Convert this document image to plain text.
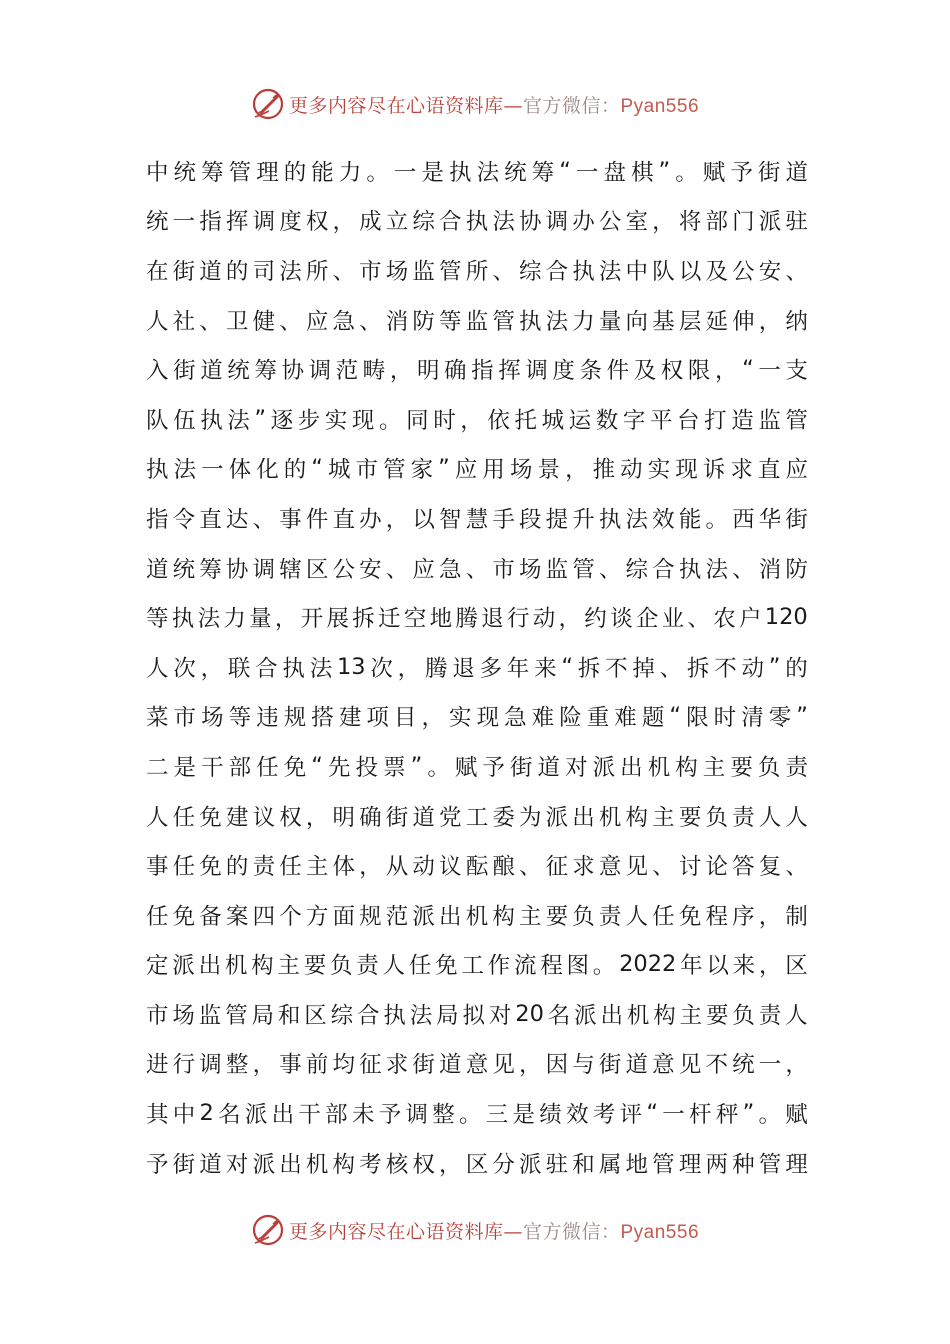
更多内容尽在心语资料库—官方微信：Pyan556
中 统 筹 管 理 的 能 力 。 一 是 执 法 统 筹 “ 一 盘 棋 ” 。 赋 予 街 道
统 一 指 挥 调 度 权 ， 成 立 综 合 执 法 协 调 办 公 室 ， 将 部 门 派 驻
在 街 道 的 司 法 所 、 市 场 监 管 所 、 综 合 执 法 中 队 以 及 公 安 、
人 社 、 卫 健 、 应 急 、 消 防 等 监 管 执 法 力 量 向 基 层 延 伸 ， 纳
入 街 道 统 筹 协 调 范 畴 ， 明 确 指 挥 调 度 条 件 及 权 限 ， “ 一 支
队 伍 执 法 ” 逐 步 实 现 。 同 时 ， 依 托 城 运 数 字 平 台 打 造 监 管
执 法 一 体 化 的 “ 城 市 管 家 ” 应 用 场 景 ， 推 动 实 现 诉 求 直 应
指 令 直 达 、 事 件 直 办 ， 以 智 慧 手 段 提 升 执 法 效 能 。 西 华 街
道 统 筹 协 调 辖 区 公 安 、 应 急 、 市 场 监 管 、 综 合 执 法 、 消 防
等 执 法 力 量 ， 开 展 拆 迁 空 地 腾 退 行 动 ， 约 谈 企 业 、 农 户 120
人 次 ， 联 合 执 法 13 次 ， 腾 退 多 年 来 “ 拆 不 掉 、 拆 不 动 ” 的
菜 市 场 等 违 规 搭 建 项 目 ， 实 现 急 难 险 重 难 题 “ 限 时 清 零 ”
二 是 干 部 任 免 “ 先 投 票 ” 。 赋 予 街 道 对 派 出 机 构 主 要 负 责
人 任 免 建 议 权 ， 明 确 街 道 党 工 委 为 派 出 机 构 主 要 负 责 人 人
事 任 免 的 责 任 主 体 ， 从 动 议 酝 酿 、 征 求 意 见 、 讨 论 答 复 、
任 免 备 案 四 个 方 面 规 范 派 出 机 构 主 要 负 责 人 任 免 程 序 ， 制
定 派 出 机 构 主 要 负 责 人 任 免 工 作 流 程 图 。 2022 年 以 来 ， 区
市 场 监 管 局 和 区 综 合 执 法 局 拟 对 20 名 派 出 机 构 主 要 负 责 人
进 行 调 整 ， 事 前 均 征 求 街 道 意 见 ， 因 与 街 道 意 见 不 统 一 ，
其 中 2 名 派 出 干 部 未 予 调 整 。 三 是 绩 效 考 评 “ 一 杆 秤 ” 。 赋
予 街 道 对 派 出 机 构 考 核 权 ， 区 分 派 驻 和 属 地 管 理 两 种 管 理
更多内容尽在心语资料库—官方微信：Pyan556
